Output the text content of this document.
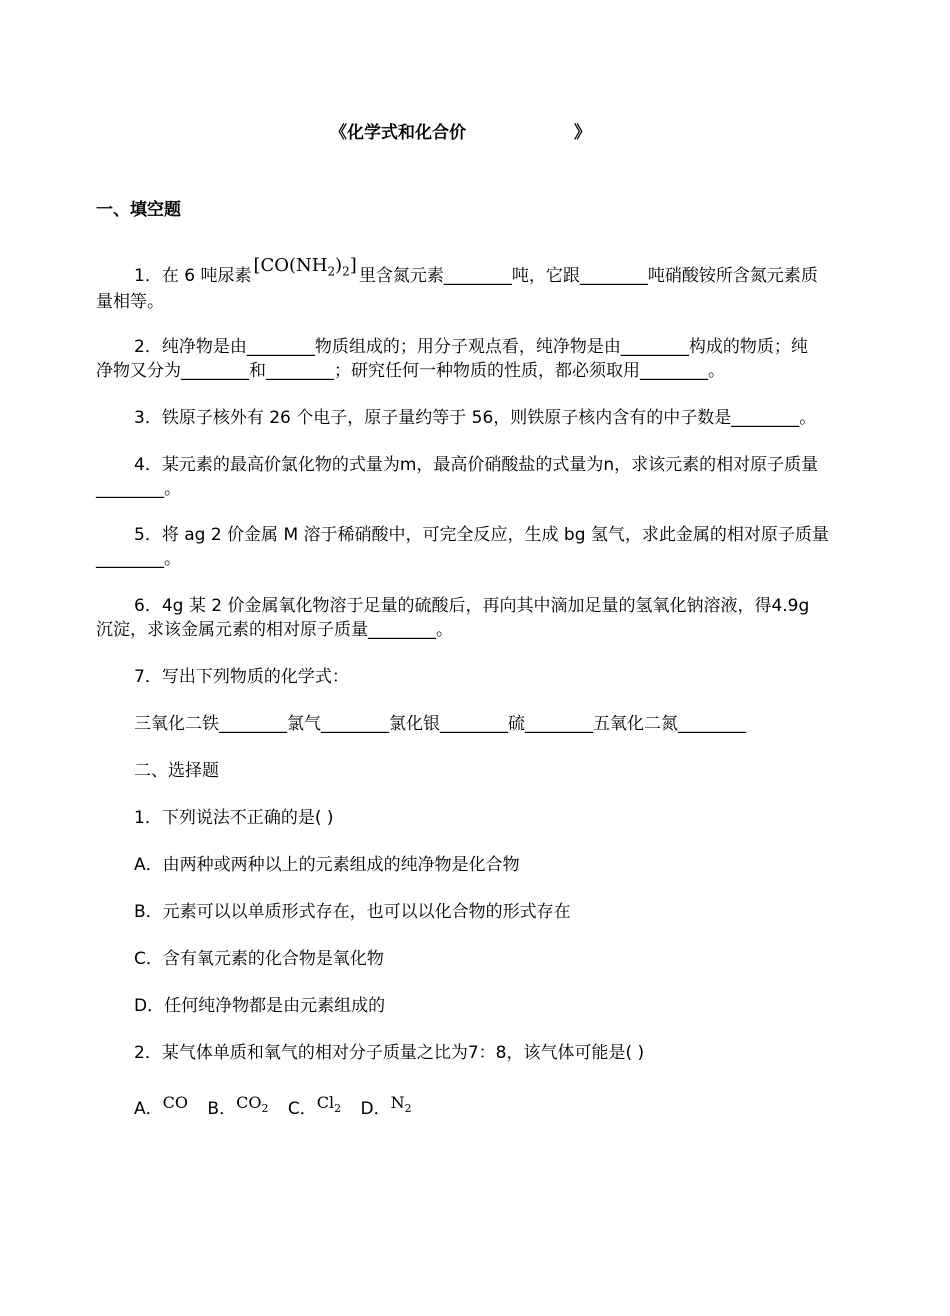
《化学式和化合价	》
一、填空题
1．在 6 吨尿素 $[CO(NH_2)_2]$ 里含氮元素________吨，它跟________吨硝酸铵所含氮元素质
量相等。
2．纯净物是由________物质组成的；用分子观点看，纯净物是由________构成的物质；纯
净物又分为________和________；研究任何一种物质的性质，都必须取用________。
3．铁原子核外有 26 个电子，原子量约等于 56，则铁原子核内含有的中子数是________。
4．某元素的最高价氯化物的式量为m，最高价硝酸盐的式量为n，求该元素的相对原子质量
________。
5．将 ag 2 价金属 M 溶于稀硝酸中，可完全反应，生成 bg 氢气，求此金属的相对原子质量
________。
6．4g 某 2 价金属氧化物溶于足量的硫酸后，再向其中滴加足量的氢氧化钠溶液，得4.9g
沉淀，求该金属元素的相对原子质量________。
7．写出下列物质的化学式：
三氧化二铁________氯气________氯化银________硫________五氧化二氮________
二、选择题
1．下列说法不正确的是( )
A．由两种或两种以上的元素组成的纯净物是化合物
B．元素可以以单质形式存在，也可以以化合物的形式存在
C．含有氧元素的化合物是氧化物
D．任何纯净物都是由元素组成的
2．某气体单质和氧气的相对分子质量之比为7：8，该气体可能是( )
A．CO B．$CO_2$ C．$Cl_2$ D．$N_2$
